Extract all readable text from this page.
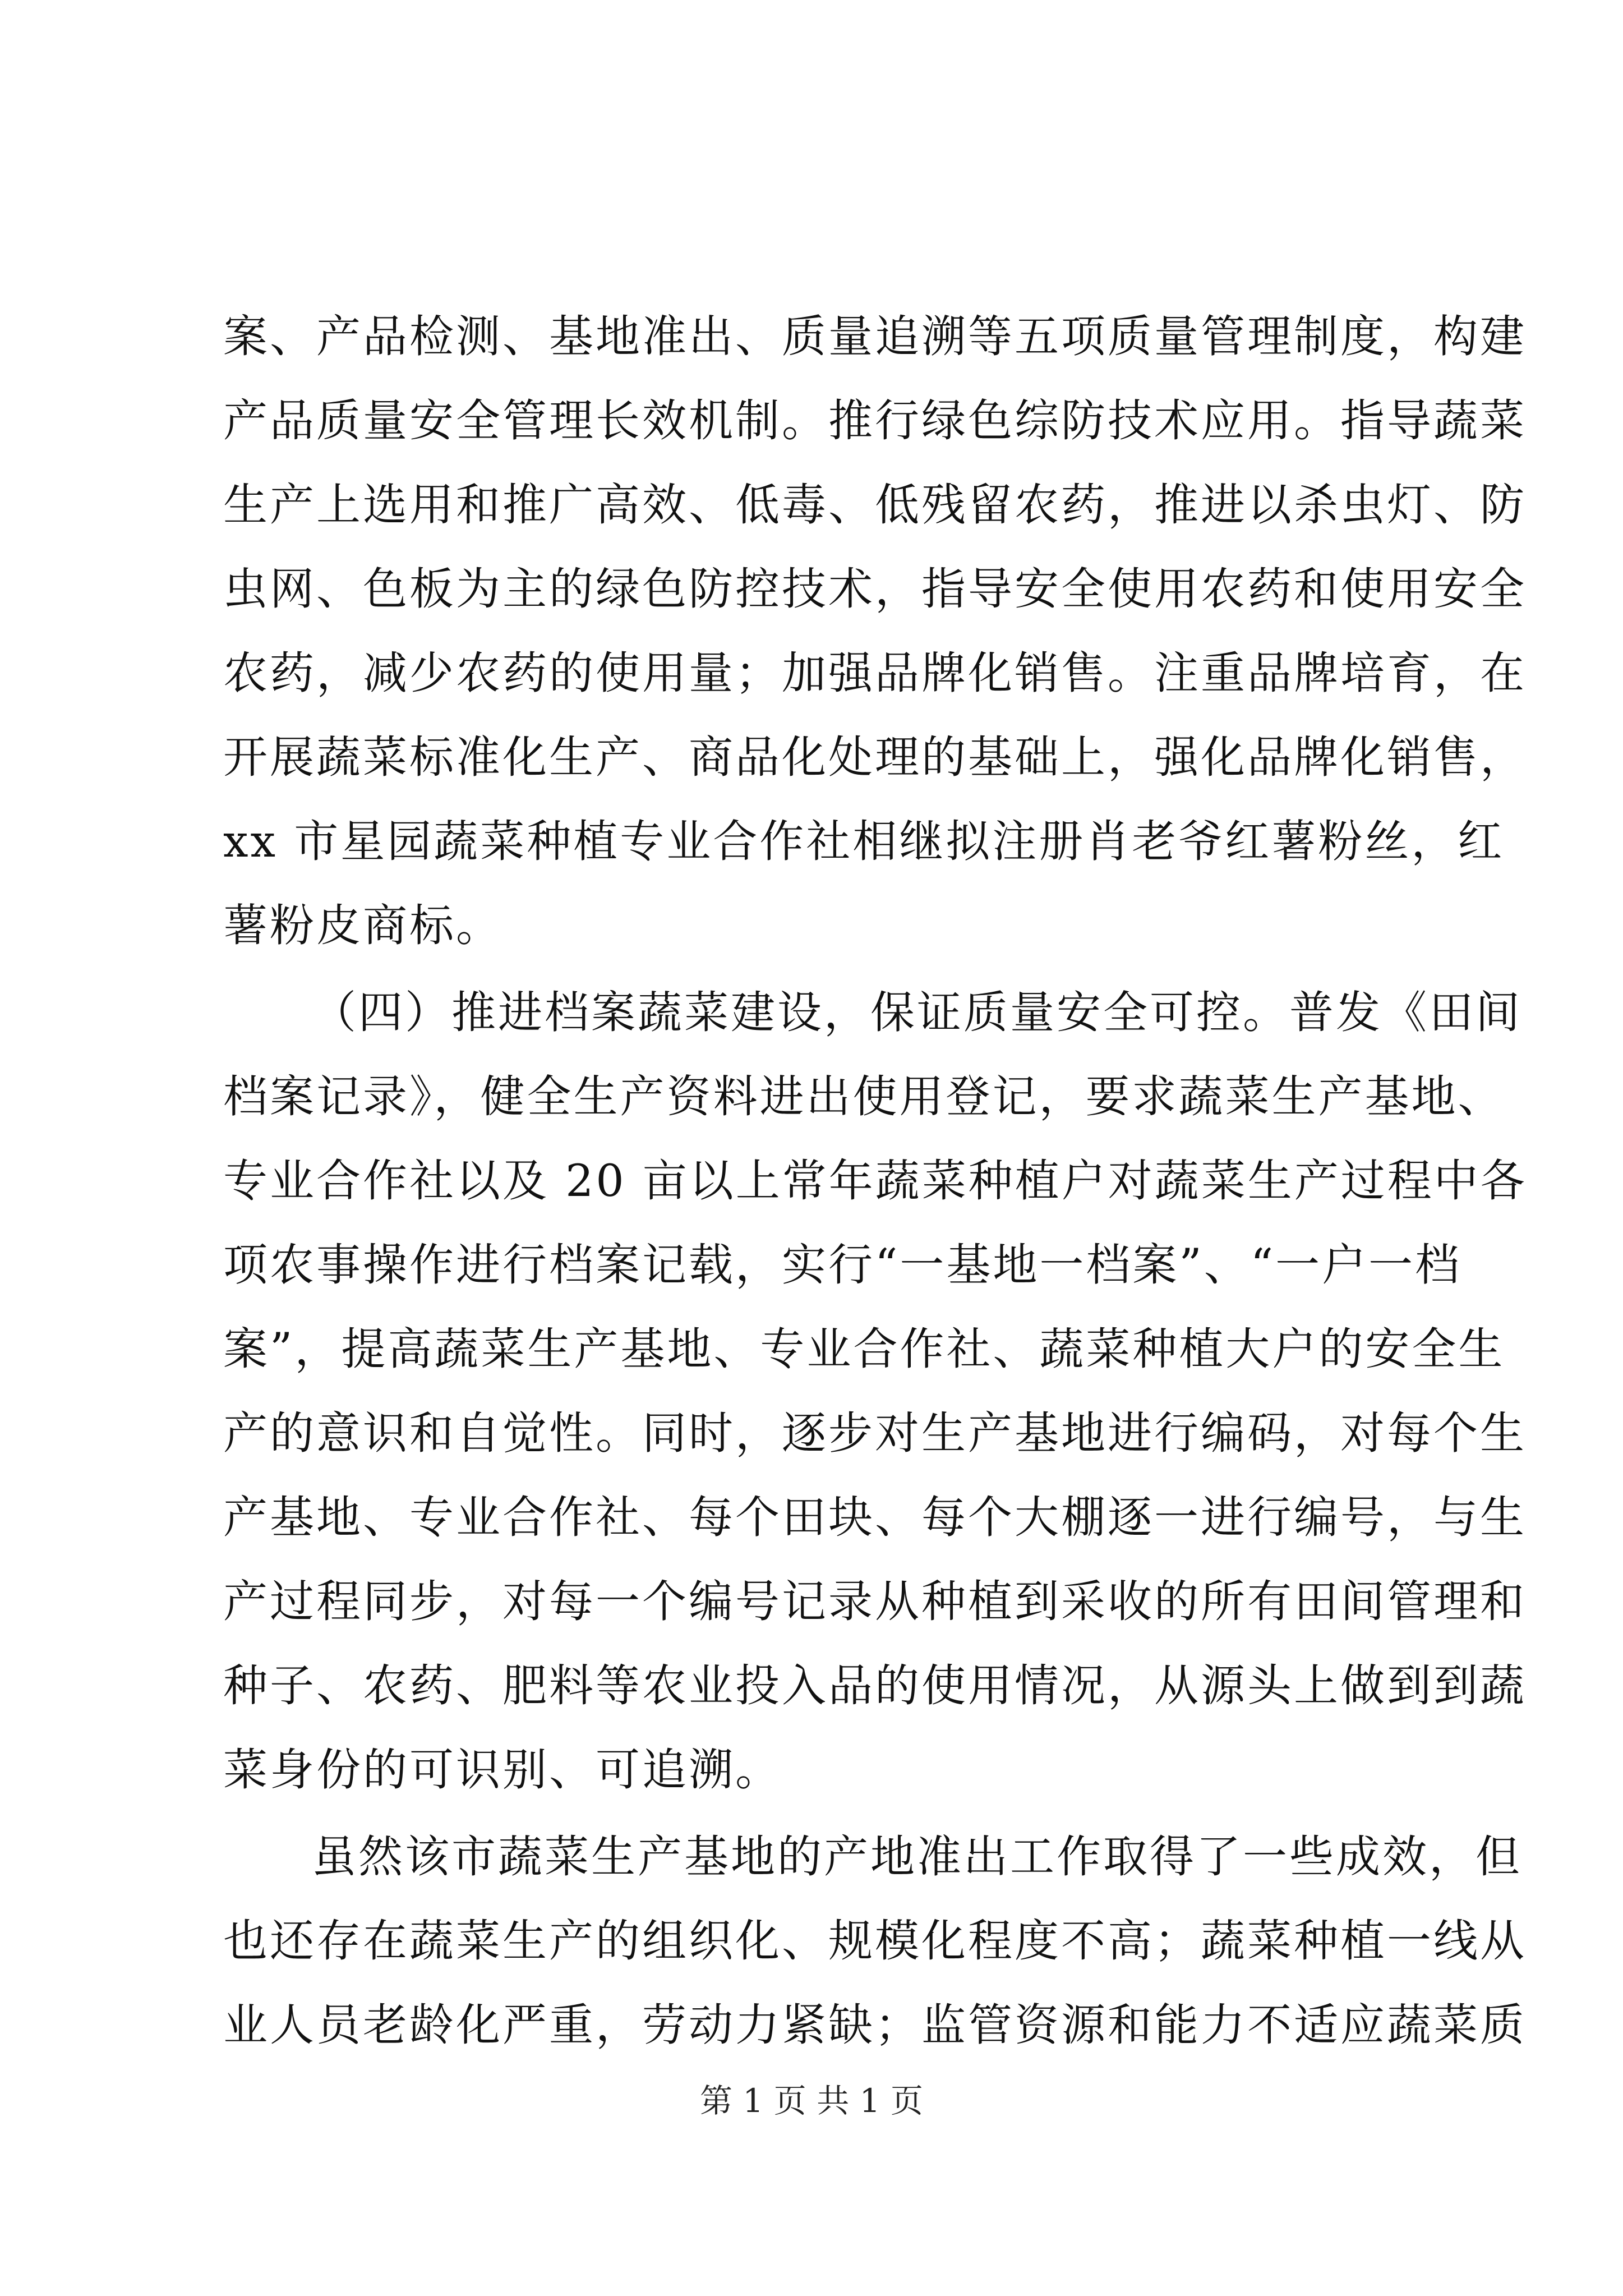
案、产品检测、基地准出、质量追溯等五项质量管理制度，构建
产品质量安全管理长效机制。推行绿色综防技术应用。指导蔬菜
生产上选用和推广高效、低毒、低残留农药，推进以杀虫灯、防
虫网、色板为主的绿色防控技术，指导安全使用农药和使用安全
农药，减少农药的使用量；加强品牌化销售。注重品牌培育，在
开展蔬菜标准化生产、商品化处理的基础上，强化品牌化销售，
xx 市星园蔬菜种植专业合作社相继拟注册肖老爷红薯粉丝，红
薯粉皮商标。
（四）推进档案蔬菜建设，保证质量安全可控。普发《田间
档案记录》，健全生产资料进出使用登记，要求蔬菜生产基地、
专业合作社以及 20 亩以上常年蔬菜种植户对蔬菜生产过程中各
项农事操作进行档案记载，实行“一基地一档案”、“一户一档
案”，提高蔬菜生产基地、专业合作社、蔬菜种植大户的安全生
产的意识和自觉性。同时，逐步对生产基地进行编码，对每个生
产基地、专业合作社、每个田块、每个大棚逐一进行编号，与生
产过程同步，对每一个编号记录从种植到采收的所有田间管理和
种子、农药、肥料等农业投入品的使用情况，从源头上做到到蔬
菜身份的可识别、可追溯。
虽然该市蔬菜生产基地的产地准出工作取得了一些成效，但
也还存在蔬菜生产的组织化、规模化程度不高；蔬菜种植一线从
业人员老龄化严重，劳动力紧缺；监管资源和能力不适应蔬菜质
第 1 页 共 1 页
